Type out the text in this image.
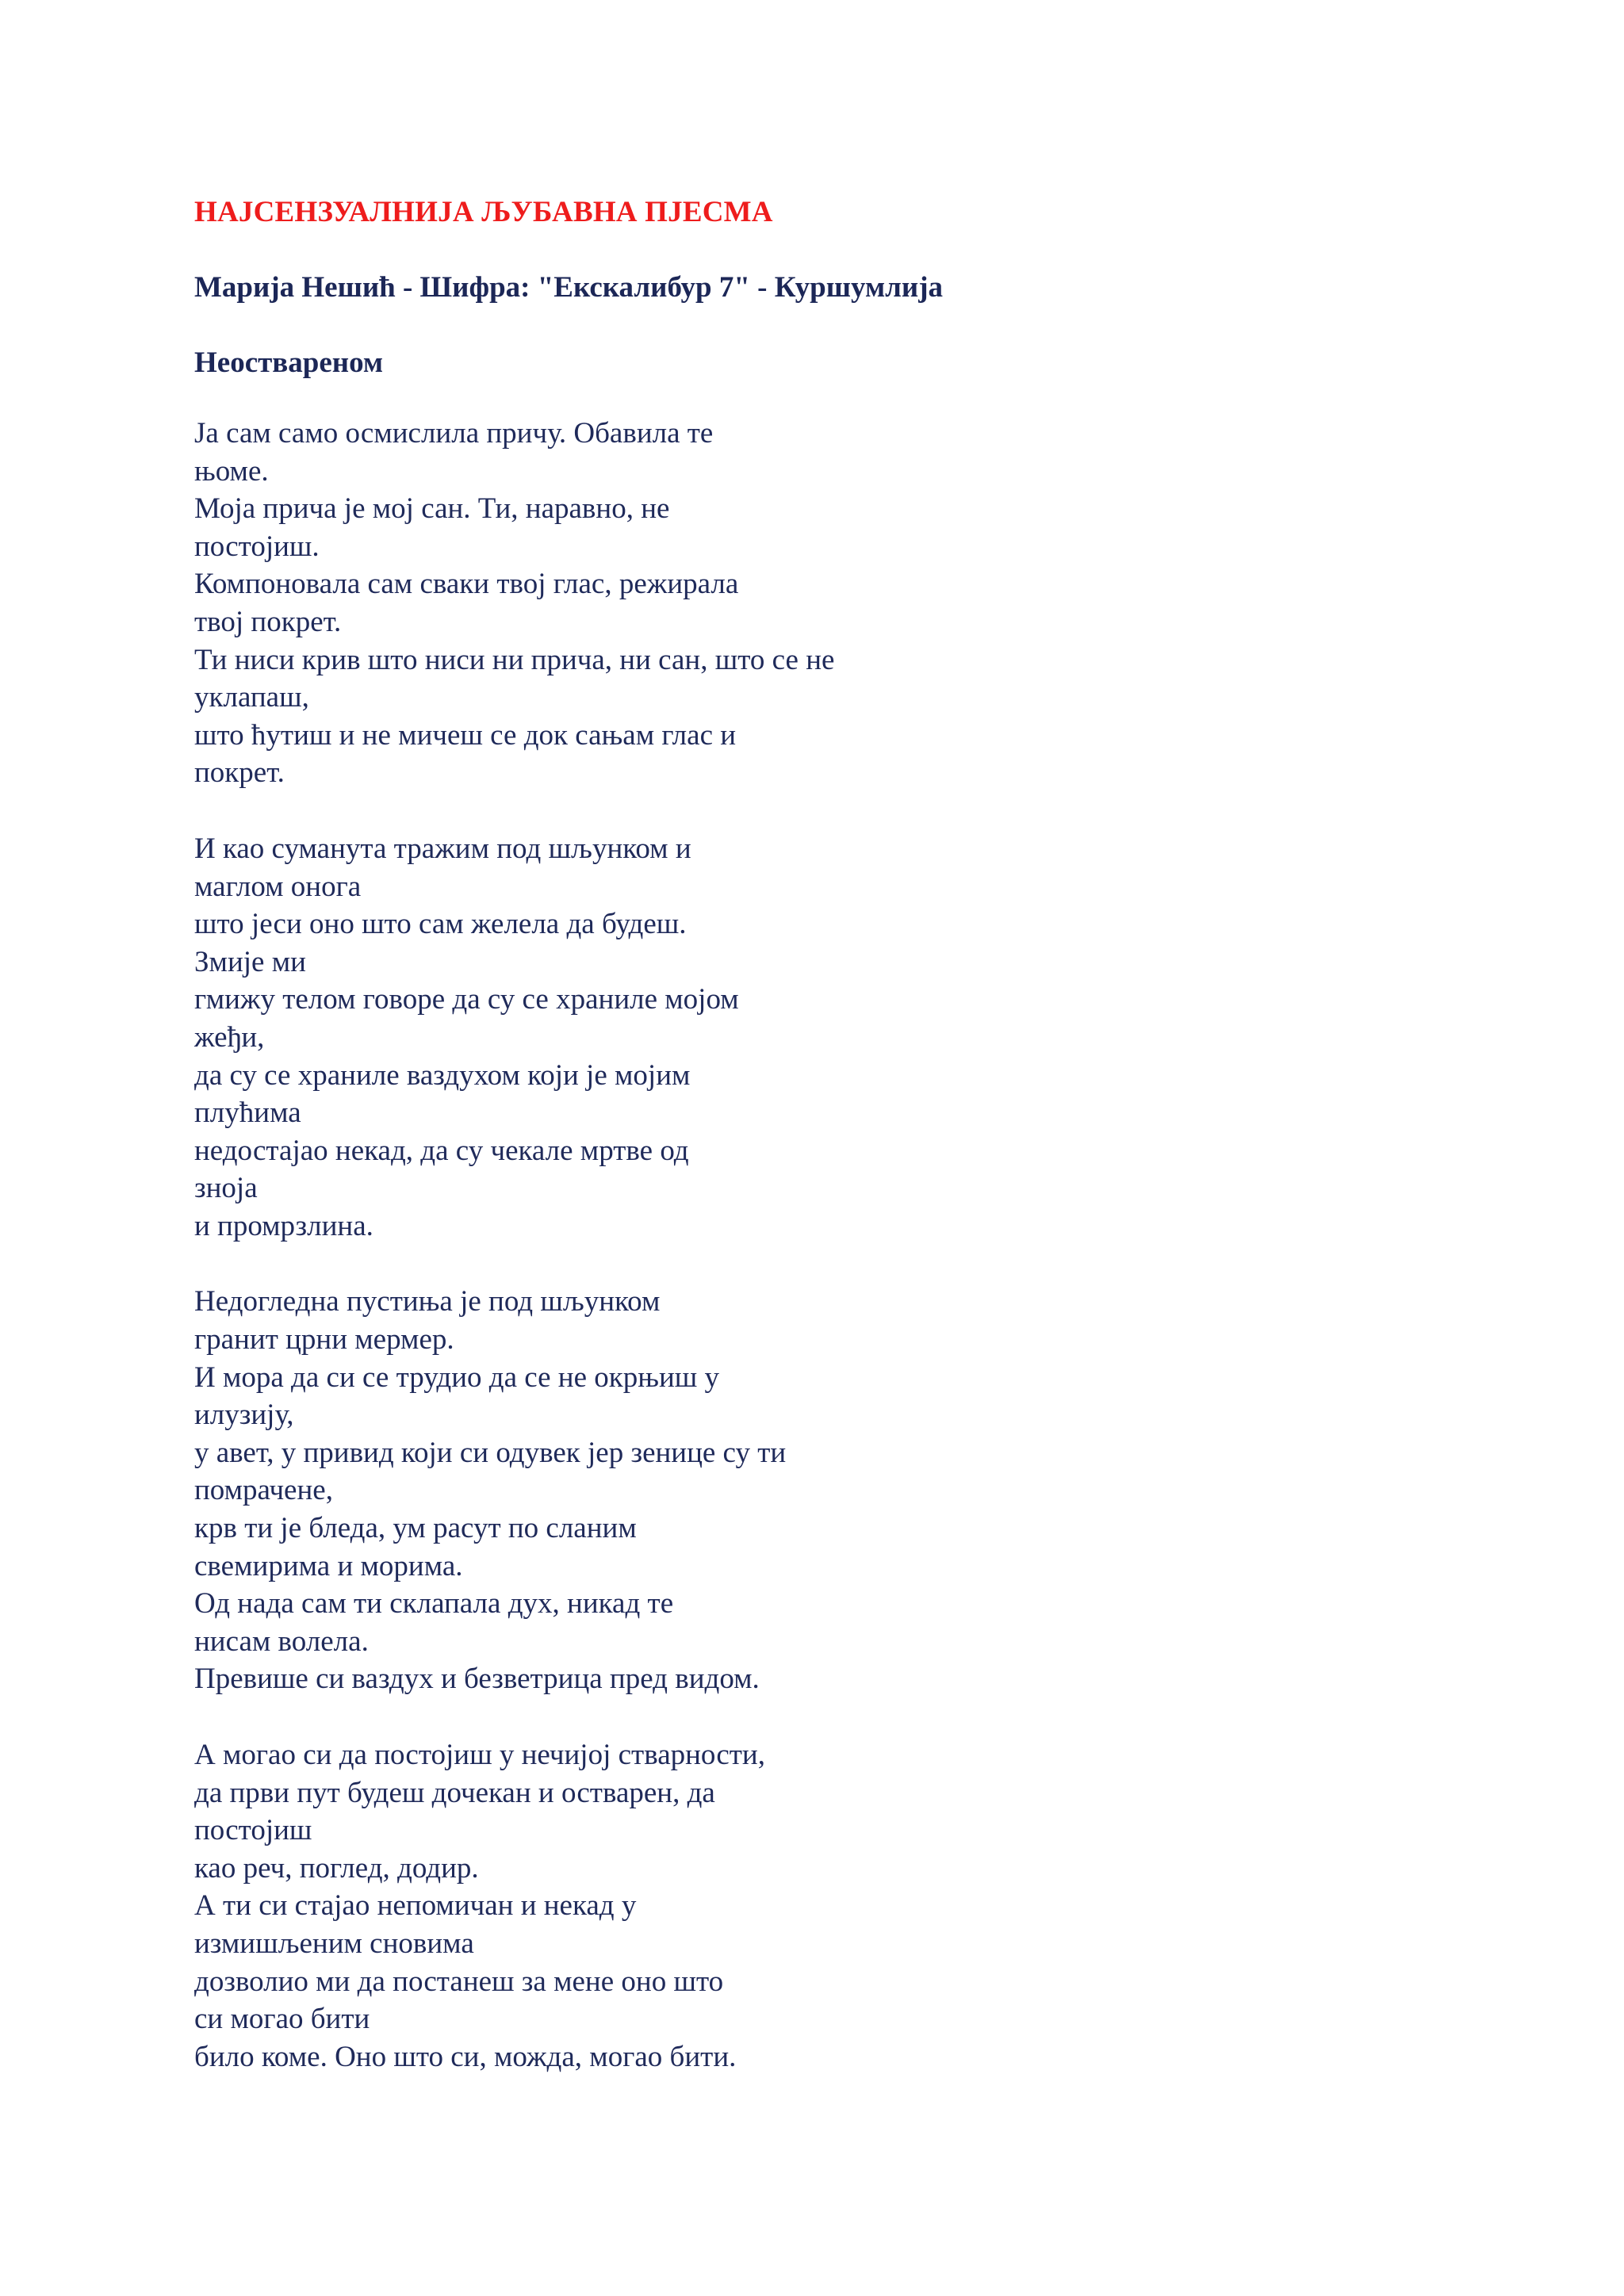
НАЈСЕНЗУАЛНИЈА ЉУБАВНА ПЈЕСМА
Марија Нешић - Шифра: "Екскалибур 7" - Куршумлија
Неоствареном
Ја сам само осмислила причу. Обавила те
њоме.
Моја прича је мој сан. Ти, наравно, не
постојиш.
Компоновала сам сваки твој глас, режирала
твој покрет.
Ти ниси крив што ниси ни прича, ни сан, што се не
уклапаш,
што ћутиш и не мичеш се док сањам глас и
покрет.
И као суманута тражим под шљунком и
маглом онога
што јеси оно што сам желела да будеш.
Змије ми
гмижу телом говоре да су се храниле мојом
жеђи,
да су се храниле ваздухом који је мојим
плућима
недостајао некад, да су чекале мртве од
зноја
и промрзлина.
Недогледна пустиња је под шљунком
гранит црни мермер.
И мора да си се трудио да се не окрњиш у
илузију,
у авет, у привид који си одувек јер зенице су ти
помрачене,
крв ти је бледа, ум расут по сланим
свемирима и морима.
Од нада сам ти склапала дух, никад те
нисам волела.
Превише си ваздух и безветрица пред видом.
А могао си да постојиш у нечијој стварности,
да први пут будеш дочекан и остварен, да
постојиш
као реч, поглед, додир.
А ти си стајао непомичан и некад у
измишљеним сновима
дозволио ми да постанеш за мене оно што
си могао бити
било коме. Оно што си, можда, могао бити.
